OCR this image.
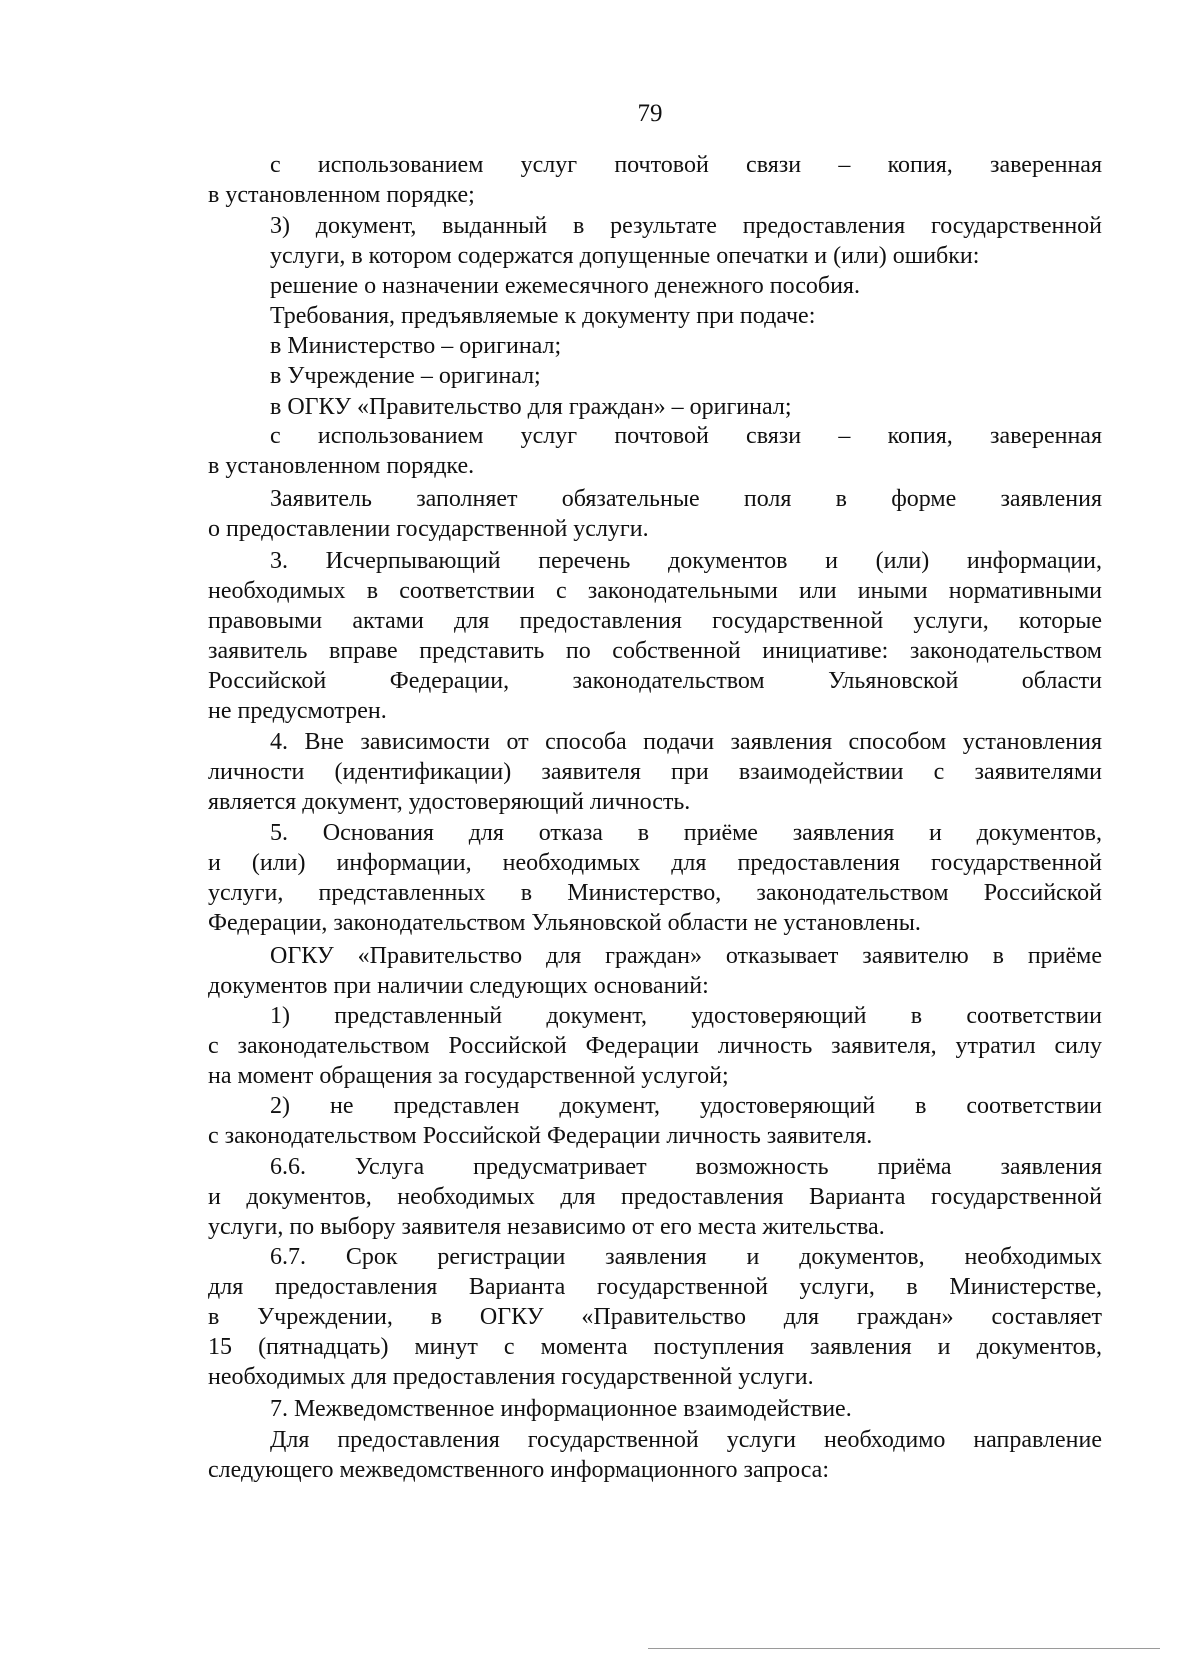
79
с использованием услуг почтовой связи – копия, заверенная
в установленном порядке;
3) документ, выданный в результате предоставления государственной
услуги, в котором содержатся допущенные опечатки и (или) ошибки:
решение о назначении ежемесячного денежного пособия.
Требования, предъявляемые к документу при подаче:
в Министерство – оригинал;
в Учреждение – оригинал;
в ОГКУ «Правительство для граждан» – оригинал;
с использованием услуг почтовой связи – копия, заверенная
в установленном порядке.
Заявитель заполняет обязательные поля в форме заявления
о предоставлении государственной услуги.
3. Исчерпывающий перечень документов и (или) информации,
необходимых в соответствии с законодательными или иными нормативными
правовыми актами для предоставления государственной услуги, которые
заявитель вправе представить по собственной инициативе: законодательством
Российской Федерации, законодательством Ульяновской области
не предусмотрен.
4. Вне зависимости от способа подачи заявления способом установления
личности (идентификации) заявителя при взаимодействии с заявителями
является документ, удостоверяющий личность.
5. Основания для отказа в приёме заявления и документов,
и (или) информации, необходимых для предоставления государственной
услуги, представленных в Министерство, законодательством Российской
Федерации, законодательством Ульяновской области не установлены.
ОГКУ «Правительство для граждан» отказывает заявителю в приёме
документов при наличии следующих оснований:
1) представленный документ, удостоверяющий в соответствии
с законодательством Российской Федерации личность заявителя, утратил силу
на момент обращения за государственной услугой;
2) не представлен документ, удостоверяющий в соответствии
с законодательством Российской Федерации личность заявителя.
6.6. Услуга предусматривает возможность приёма заявления
и документов, необходимых для предоставления Варианта государственной
услуги, по выбору заявителя независимо от его места жительства.
6.7. Срок регистрации заявления и документов, необходимых
для предоставления Варианта государственной услуги, в Министерстве,
в Учреждении, в ОГКУ «Правительство для граждан» составляет
15 (пятнадцать) минут с момента поступления заявления и документов,
необходимых для предоставления государственной услуги.
7. Межведомственное информационное взаимодействие.
Для предоставления государственной услуги необходимо направление
следующего межведомственного информационного запроса:
